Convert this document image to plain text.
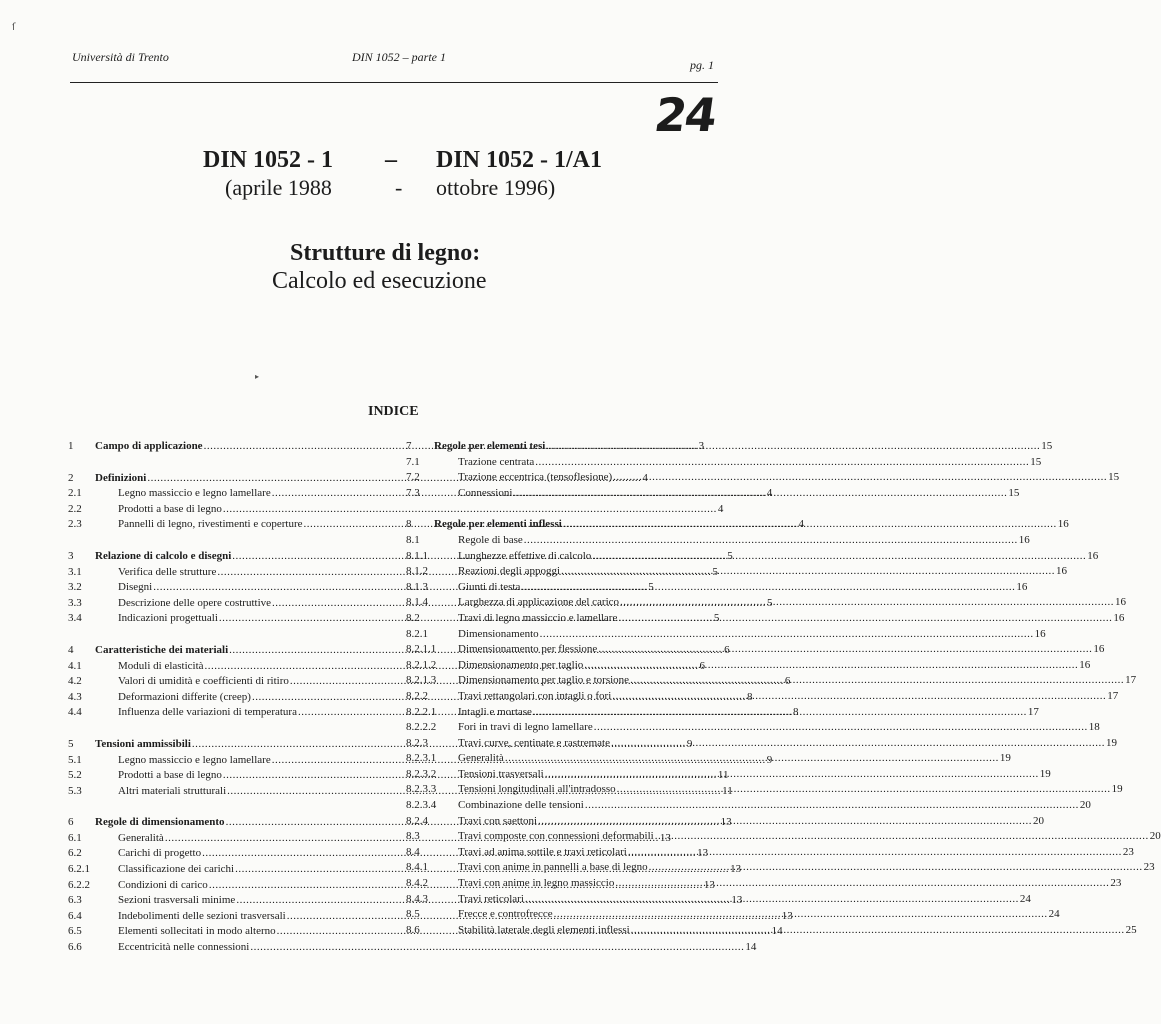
ſ
▸
Università di Trento	DIN 1052 – parte 1
pg. 1
24
DIN 1052 - 1 – DIN 1052 - 1/A1
(aprile 1988	- ottobre 1996)
Strutture di legno:
Calcolo ed esecuzione
INDICE
1	Campo di applicazione .....	3
2	Definizioni .....	4
2.1	Legno massiccio e legno lamellare .....	4
2.2	Prodotti a base di legno .....	4
2.3	Pannelli di legno, rivestimenti e coperture .....	4
3	Relazione di calcolo e disegni .....	5
3.1	Verifica delle strutture .....	5
3.2	Disegni .....	5
3.3	Descrizione delle opere costruttive .....	5
3.4	Indicazioni progettuali .....	5
4	Caratteristiche dei materiali .....	6
4.1	Moduli di elasticità .....	6
4.2	Valori di umidità e coefficienti di ritiro .....	6
4.3	Deformazioni differite (creep) .....	8
4.4	Influenza delle variazioni di temperatura .....	8
5	Tensioni ammissibili .....	9
5.1	Legno massiccio e legno lamellare .....	9
5.2	Prodotti a base di legno .....	11
5.3	Altri materiali strutturali .....	11
6	Regole di dimensionamento .....	13
6.1	Generalità .....	13
6.2	Carichi di progetto .....	13
6.2.1	Classificazione dei carichi .....	13
6.2.2	Condizioni di carico .....	13
6.3	Sezioni trasversali minime .....	13
6.4	Indebolimenti delle sezioni trasversali .....	13
6.5	Elementi sollecitati in modo alterno .....	14
6.6	Eccentricità nelle connessioni .....	14
7	Regole per elementi tesi .....	15
7.1	Trazione centrata .....	15
7.2	Trazione eccentrica (tensoflesione) .....	15
7.3	Connessioni .....	15
8	Regole per elementi inflessi .....	16
8.1	Regole di base .....	16
8.1.1	Lunghezze effettive di calcolo .....	16
8.1.2	Reazioni degli appoggi .....	16
8.1.3	Giunti di testa .....	16
8.1.4	Larghezza di applicazione del carico .....	16
8.2	Travi di legno massiccio e lamellare .....	16
8.2.1	Dimensionamento .....	16
8.2.1.1	Dimensionamento per flessione .....	16
8.2.1.2	Dimensionamento per taglio .....	16
8.2.1.3	Dimensionamento per taglio e torsione .....	17
8.2.2	Travi rettangolari con intagli o fori .....	17
8.2.2.1	Intagli e mortase .....	17
8.2.2.2	Fori in travi di legno lamellare .....	18
8.2.3	Travi curve, centinate e rastremate .....	19
8.2.3.1	Generalità .....	19
8.2.3.2	Tensioni trasversali .....	19
8.2.3.3	Tensioni longitudinali all'intradosso .....	19
8.2.3.4	Combinazione delle tensioni .....	20
8.2.4	Travi con saettoni .....	20
8.3	Travi composte con connessioni deformabili .....	20
8.4	Travi ad anima sottile e travi reticolari .....	23
8.4.1	Travi con anime in pannelli a base di legno .....	23
8.4.2	Travi con anime in legno massiccio .....	23
8.4.3	Travi reticolari .....	24
8.5	Frecce e controfrecce .....	24
8.6	Stabilità laterale degli elementi inflessi .....	25
